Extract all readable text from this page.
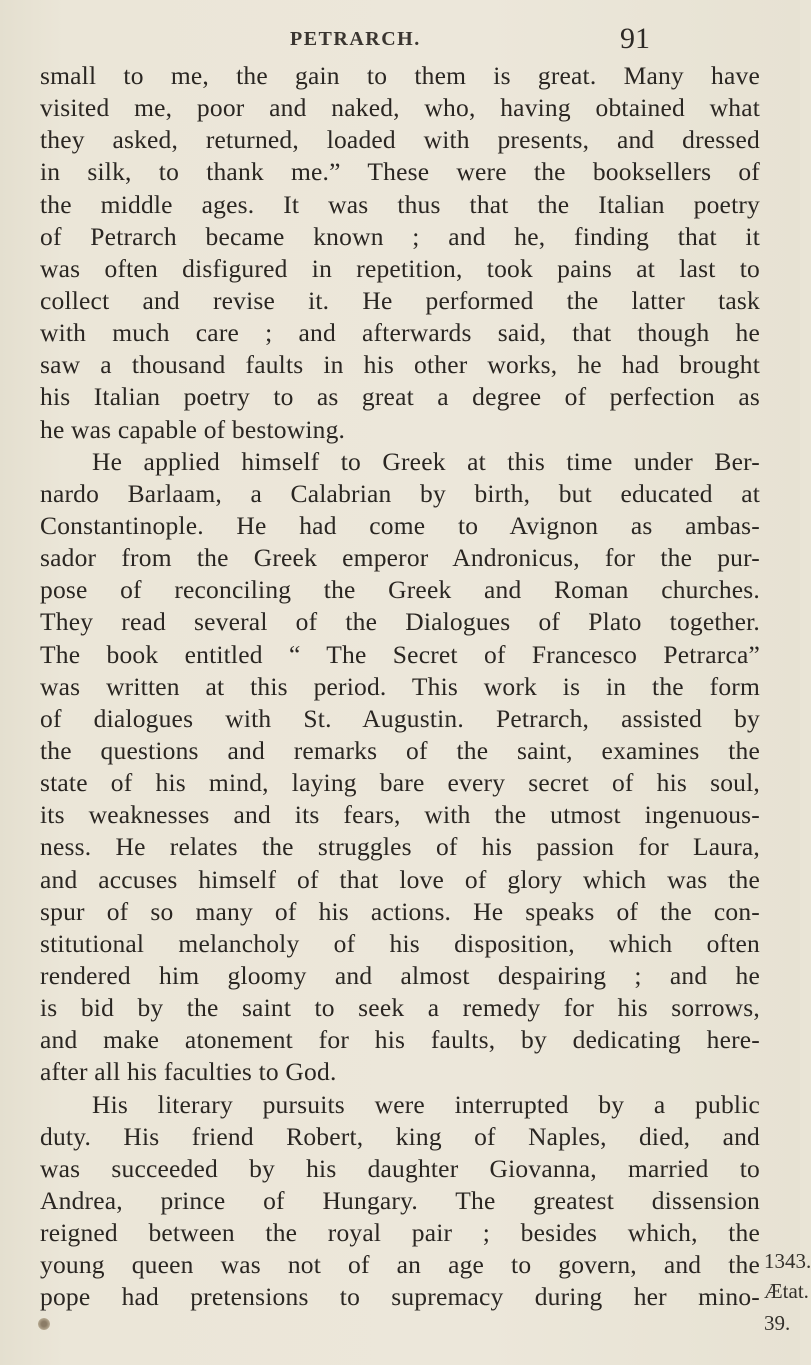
PETRARCH.	91
small to me, the gain to them is great. Many have
visited me, poor and naked, who, having obtained what
they asked, returned, loaded with presents, and dressed
in silk, to thank me.” These were the booksellers of
the middle ages. It was thus that the Italian poetry
of Petrarch became known ; and he, finding that it
was often disfigured in repetition, took pains at last to
collect and revise it. He performed the latter task
with much care ; and afterwards said, that though he
saw a thousand faults in his other works, he had brought
his Italian poetry to as great a degree of perfection as
he was capable of bestowing.
He applied himself to Greek at this time under Ber-
nardo Barlaam, a Calabrian by birth, but educated at
Constantinople. He had come to Avignon as ambas-
sador from the Greek emperor Andronicus, for the pur-
pose of reconciling the Greek and Roman churches.
They read several of the Dialogues of Plato together.
The book entitled “ The Secret of Francesco Petrarca”
was written at this period. This work is in the form
of dialogues with St. Augustin. Petrarch, assisted by
the questions and remarks of the saint, examines the
state of his mind, laying bare every secret of his soul,
its weaknesses and its fears, with the utmost ingenuous-
ness. He relates the struggles of his passion for Laura,
and accuses himself of that love of glory which was the
spur of so many of his actions. He speaks of the con-
stitutional melancholy of his disposition, which often
rendered him gloomy and almost despairing ; and he
is bid by the saint to seek a remedy for his sorrows,
and make atonement for his faults, by dedicating here-
after all his faculties to God.
His literary pursuits were interrupted by a public
duty. His friend Robert, king of Naples, died, and
was succeeded by his daughter Giovanna, married to
Andrea, prince of Hungary. The greatest dissension
reigned between the royal pair ; besides which, the
young queen was not of an age to govern, and the
pope had pretensions to supremacy during her mino-
1343.
Ætat.
39.
